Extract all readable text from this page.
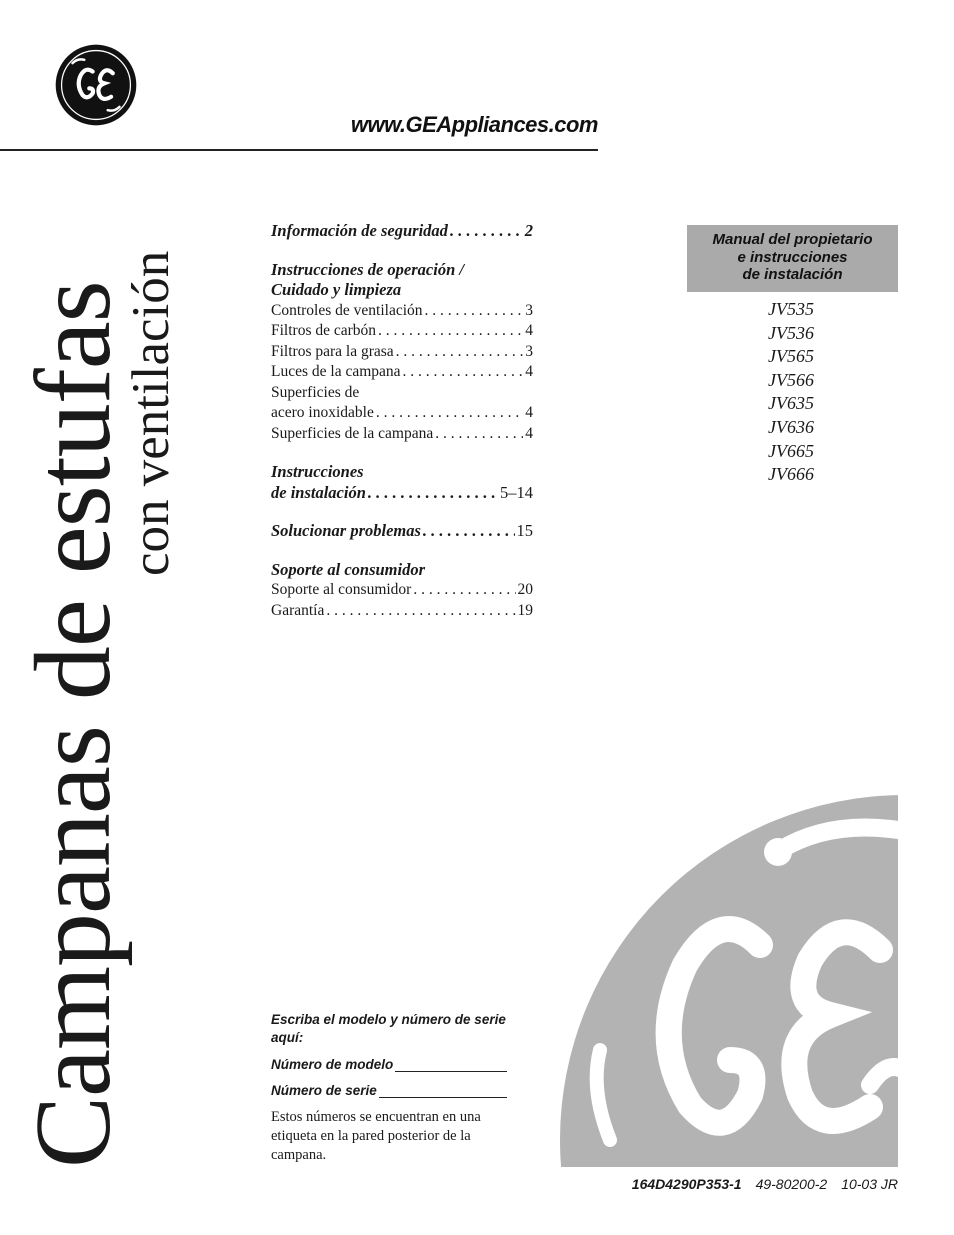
www.GEAppliances.com
Campanas de estufas
con ventilación
Información de seguridad . . .	2
Instrucciones de operación /
Cuidado y limpieza
Controles de ventilación . . .	3
Filtros de carbón . . .	4
Filtros para la grasa . . .	3
Luces de la campana . . .	4
Superficies de
acero inoxidable . . .	4
Superficies de la campana . . .	4
Instrucciones
de instalación . . .	5–14
Solucionar problemas . . .	15
Soporte al consumidor
Soporte al consumidor . . .	20
Garantía . . .	19
Manual del propietario
e instrucciones
de instalación
JV535
JV536
JV565
JV566
JV635
JV636
JV665
JV666
Escriba el modelo y número de serie aquí:
Número de modelo
Número de serie
Estos números se encuentran en una etiqueta en la pared posterior de la campana.
164D4290P353-1 49-80200-2 10-03 JR
